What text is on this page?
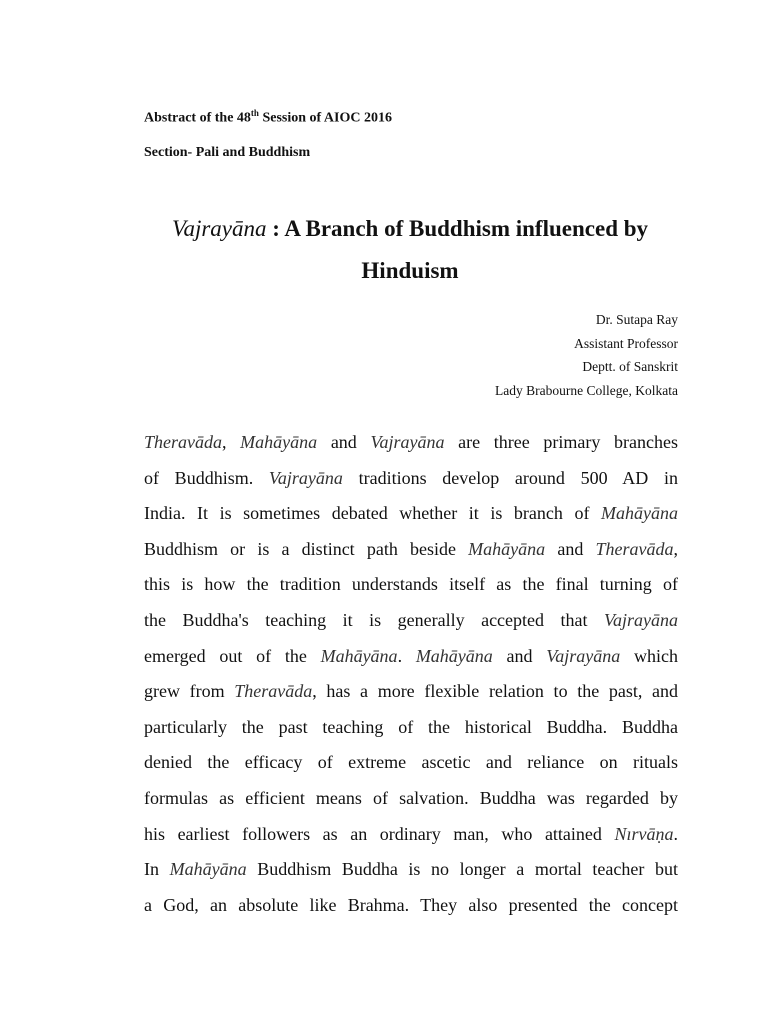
Abstract of the 48th Session of AIOC 2016
Section- Pali and Buddhism
Vajrayāna : A Branch of Buddhism influenced by
Hinduism
Dr. Sutapa Ray
Assistant Professor
Deptt. of Sanskrit
Lady Brabourne College, Kolkata
Theravāda, Mahāyāna and Vajrayāna are three primary branches
of Buddhism. Vajrayāna traditions develop around 500 AD in
India. It is sometimes debated whether it is branch of Mahāyāna
Buddhism or is a distinct path beside Mahāyāna and Theravāda,
this is how the tradition understands itself as the final turning of
the Buddha's teaching it is generally accepted that Vajrayāna
emerged out of the Mahāyāna. Mahāyāna and Vajrayāna which
grew from Theravāda, has a more flexible relation to the past, and
particularly the past teaching of the historical Buddha. Buddha
denied the efficacy of extreme ascetic and reliance on rituals
formulas as efficient means of salvation. Buddha was regarded by
his earliest followers as an ordinary man, who attained Nırvāṇa.
In Mahāyāna Buddhism Buddha is no longer a mortal teacher but
a God, an absolute like Brahma. They also presented the concept
